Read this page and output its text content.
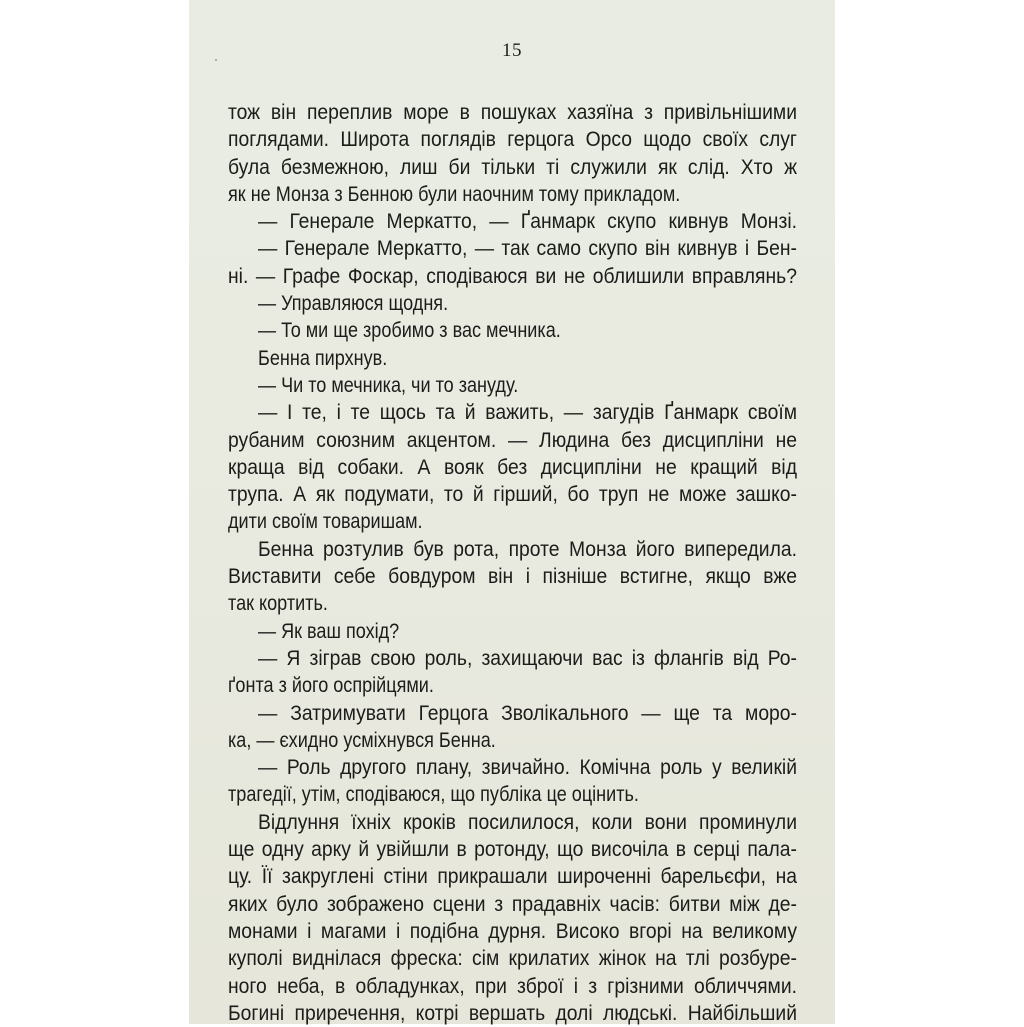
15
тож він переплив море в пошуках хазяїна з привільнішими
поглядами. Широта поглядів герцога Орсо щодо своїх слуг
була безмежною, лиш би тільки ті служили як слід. Хто ж
як не Монза з Бенною були наочним тому прикладом.
— Генерале Меркатто, — Ґанмарк скупо кивнув Монзі.
— Генерале Меркатто, — так само скупо він кивнув і Бен-
ні. — Графе Фоскар, сподіваюся ви не облишили вправлянь?
— Управляюся щодня.
— То ми ще зробимо з вас мечника.
Бенна пирхнув.
— Чи то мечника, чи то зануду.
— І те, і те щось та й важить, — загудів Ґанмарк своїм
рубаним союзним акцентом. — Людина без дисципліни не
краща від собаки. А вояк без дисципліни не кращий від
трупа. А як подумати, то й гірший, бо труп не може зашко-
дити своїм товаришам.
Бенна розтулив був рота, проте Монза його випередила.
Виставити себе бовдуром він і пізніше встигне, якщо вже
так кортить.
— Як ваш похід?
— Я зіграв свою роль, захищаючи вас із флангів від Ро-
ґонта з його оспрійцями.
— Затримувати Герцога Зволікального — ще та моро-
ка, — єхидно усміхнувся Бенна.
— Роль другого плану, звичайно. Комічна роль у великій
трагедії, утім, сподіваюся, що публіка це оцінить.
Відлуння їхніх кроків посилилося, коли вони проминули
ще одну арку й увійшли в ротонду, що височіла в серці пала-
цу. Її закруглені стіни прикрашали широченні барельєфи, на
яких було зображено сцени з прадавніх часів: битви між де-
монами і магами і подібна дурня. Високо вгорі на великому
куполі виднілася фреска: сім крилатих жінок на тлі розбуре-
ного неба, в обладунках, при зброї і з грізними обличчями.
Богині приречення, котрі вершать долі людські. Найбільший
